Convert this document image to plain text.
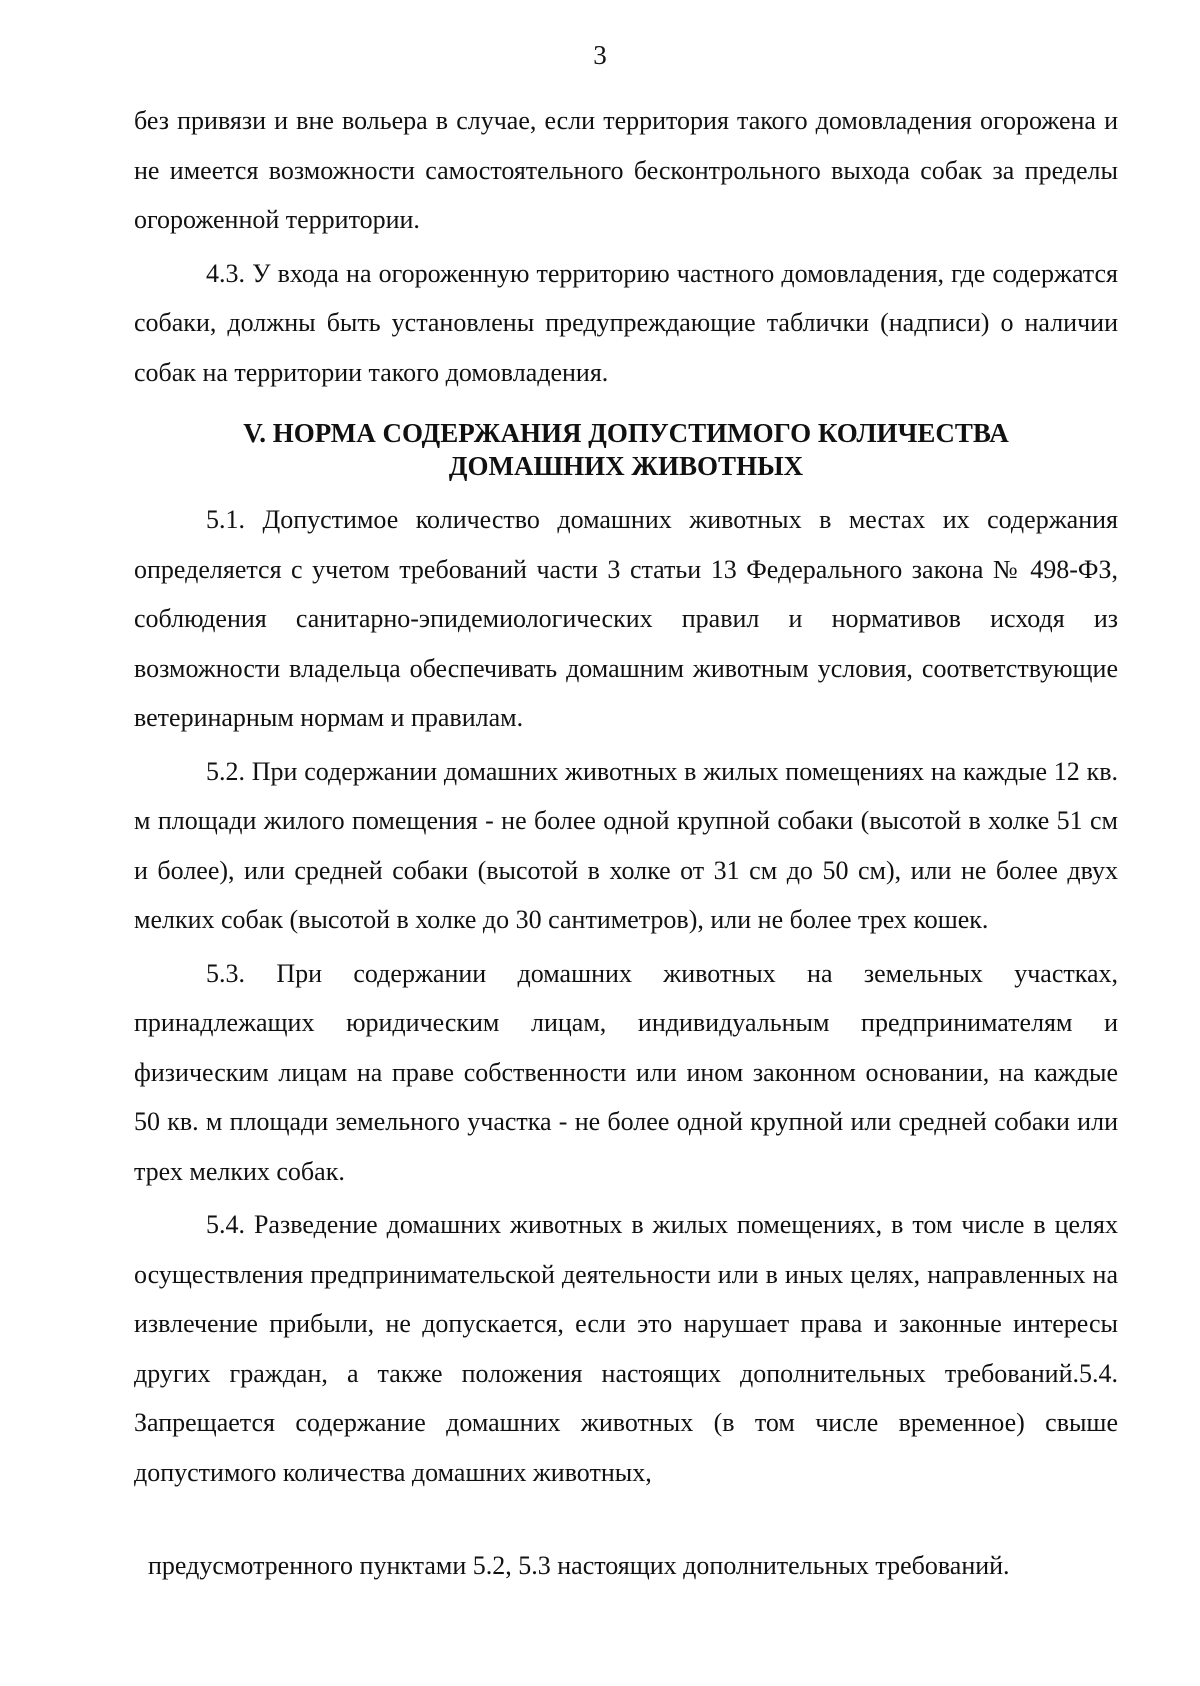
3

без привязи и вне вольера в случае, если территория такого домовладения огорожена и не имеется возможности самостоятельного бесконтрольного выхода собак за пределы огороженной территории.

4.3. У входа на огороженную территорию частного домовладения, где содержатся собаки, должны быть установлены предупреждающие таблички (надписи) о наличии собак на территории такого домовладения.

V. НОРМА СОДЕРЖАНИЯ ДОПУСТИМОГО КОЛИЧЕСТВА
ДОМАШНИХ ЖИВОТНЫХ

5.1. Допустимое количество домашних животных в местах их содержания определяется с учетом требований части 3 статьи 13 Федерального закона № 498-ФЗ, соблюдения санитарно-эпидемиологических правил и нормативов исходя из возможности владельца обеспечивать домашним животным условия, соответствующие ветеринарным нормам и правилам.

5.2. При содержании домашних животных в жилых помещениях на каждые 12 кв. м площади жилого помещения - не более одной крупной собаки (высотой в холке 51 см и более), или средней собаки (высотой в холке от 31 см до 50 см), или не более двух мелких собак (высотой в холке до 30 сантиметров), или не более трех кошек.

5.3. При содержании домашних животных на земельных участках, принадлежащих юридическим лицам, индивидуальным предпринимателям и физическим лицам на праве собственности или ином законном основании, на каждые 50 кв. м площади земельного участка - не более одной крупной или средней собаки или трех мелких собак.

5.4. Разведение домашних животных в жилых помещениях, в том числе в целях осуществления предпринимательской деятельности или в иных целях, направленных на извлечение прибыли, не допускается, если это нарушает права и законные интересы других граждан, а также положения настоящих дополнительных требований.5.4. Запрещается содержание домашних животных (в том числе временное) свыше допустимого количества домашних животных,

предусмотренного пунктами 5.2, 5.3 настоящих дополнительных требований.
